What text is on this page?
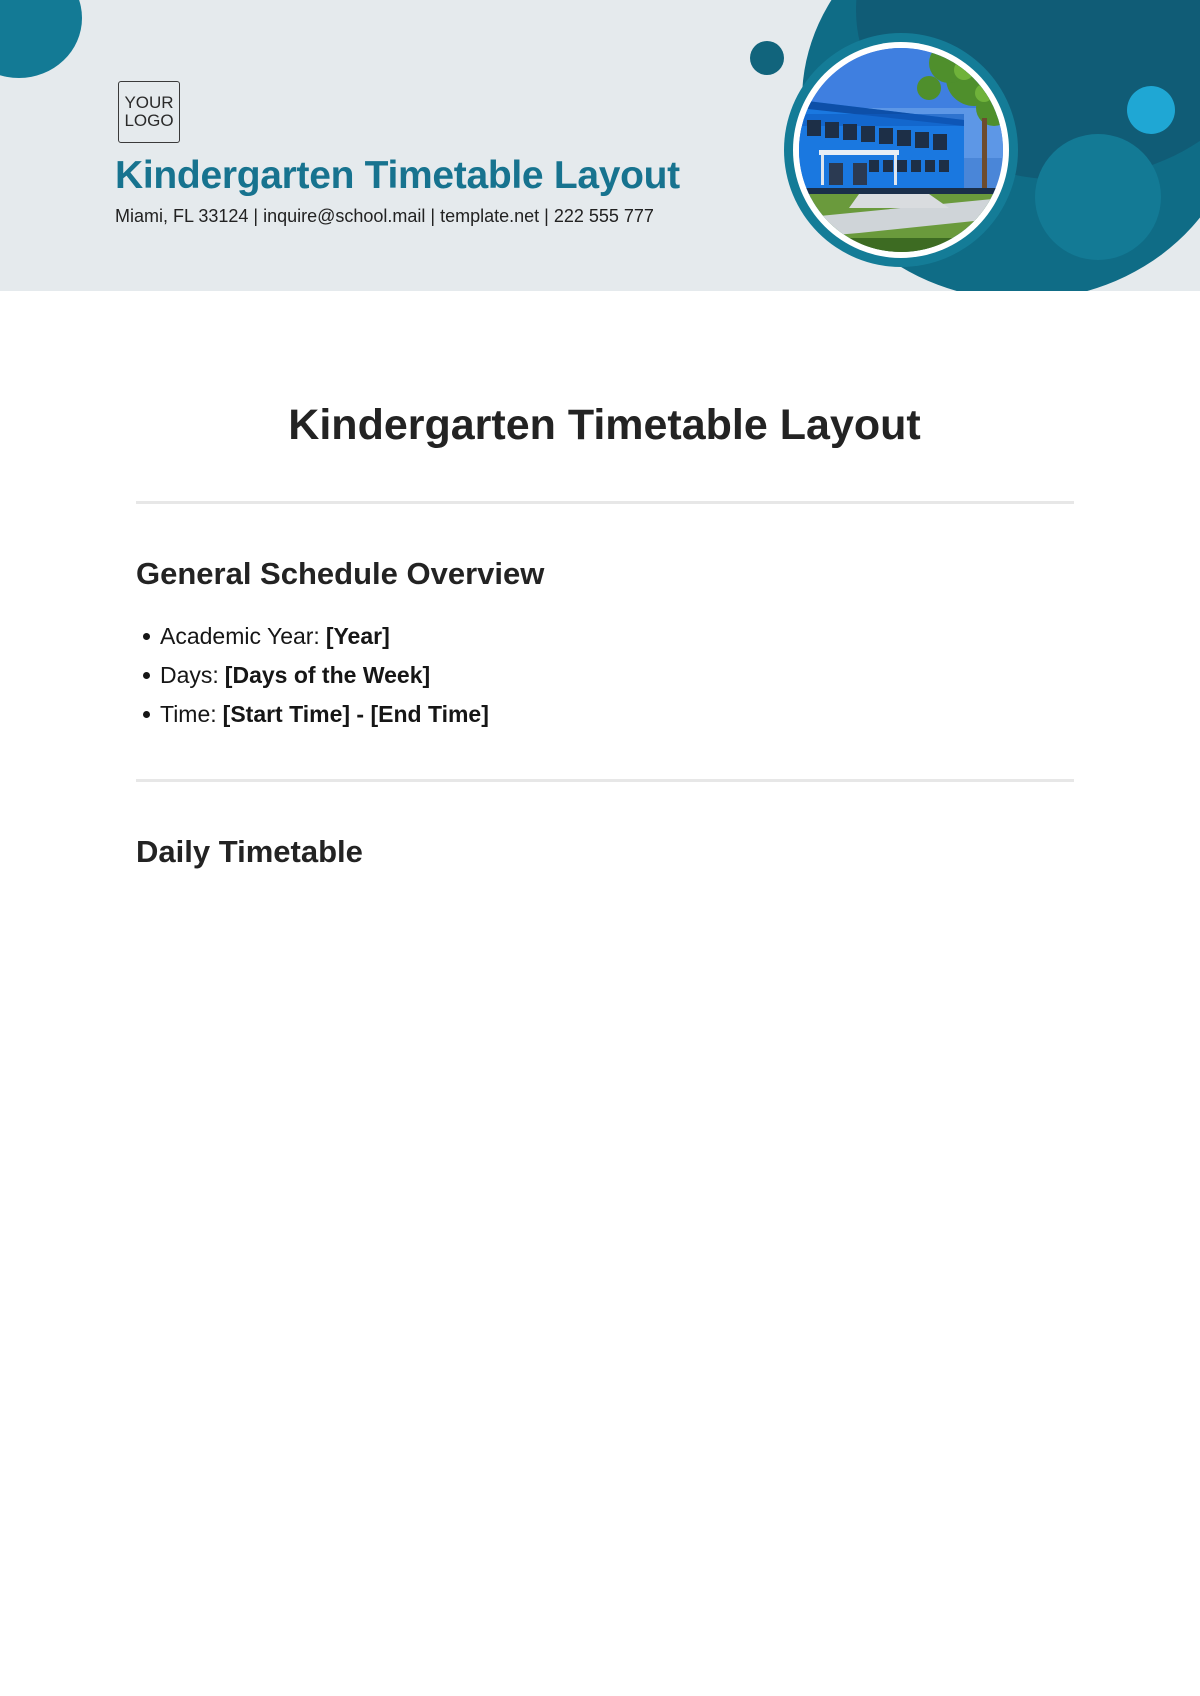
YOUR
LOGO
Kindergarten Timetable Layout
Miami, FL 33124 | inquire@school.mail | template.net | 222 555 777
Kindergarten Timetable Layout
General Schedule Overview
Academic Year: [Year]
Days: [Days of the Week]
Time: [Start Time] - [End Time]
Daily Timetable
